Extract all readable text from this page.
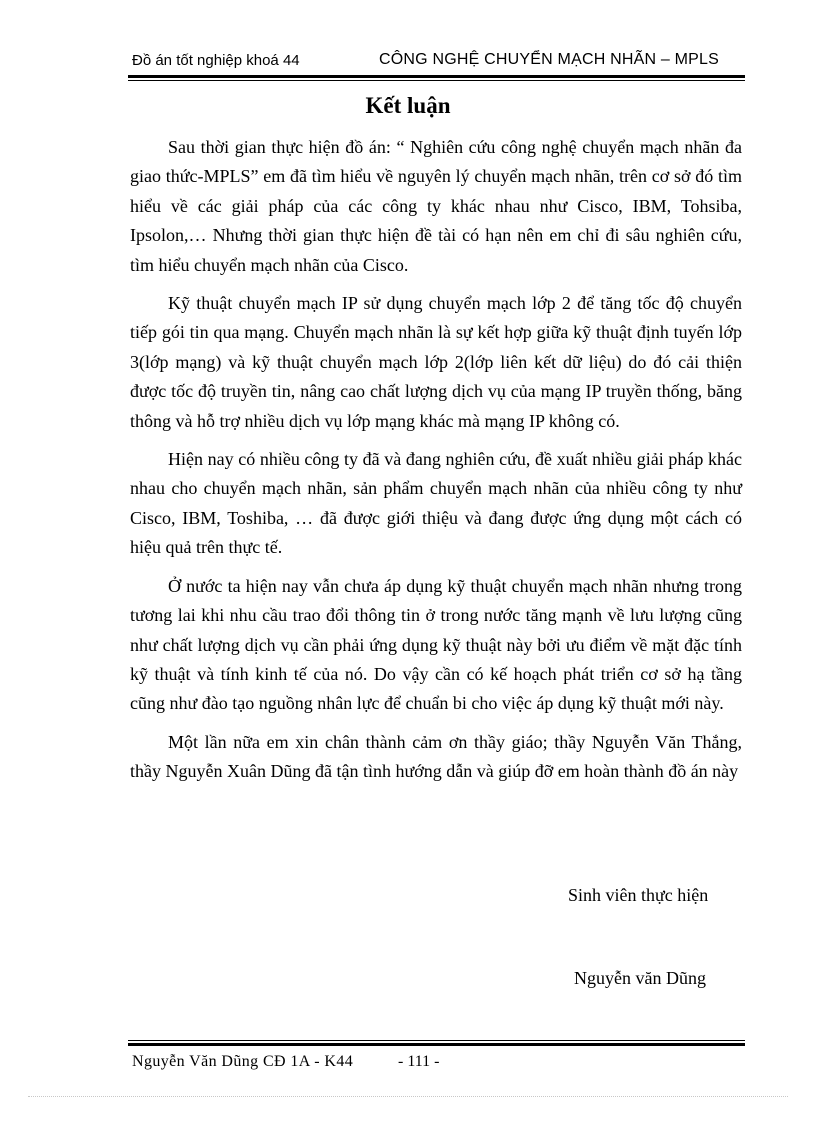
Đồ án tốt nghiệp khoá 44	CÔNG NGHỆ CHUYỂN MẠCH NHÃN – MPLS
Kết luận

Sau thời gian thực hiện đồ án: “ Nghiên cứu công nghệ chuyển mạch nhãn đa giao thức-MPLS” em đã tìm hiểu về nguyên lý chuyển mạch nhãn, trên cơ sở đó tìm hiểu về các giải pháp của các công ty khác nhau như Cisco, IBM, Tohsiba, Ipsolon,… Nhưng thời gian thực hiện đề tài có hạn nên em chỉ đi sâu nghiên cứu, tìm hiểu chuyển mạch nhãn của Cisco.

Kỹ thuật chuyển mạch IP sử dụng chuyển mạch lớp 2 để tăng tốc độ chuyển tiếp gói tin qua mạng. Chuyển mạch nhãn là sự kết hợp giữa kỹ thuật định tuyến lớp 3(lớp mạng) và kỹ thuật chuyển mạch lớp 2(lớp liên kết dữ liệu) do đó cải thiện được tốc độ truyền tin, nâng cao chất lượng dịch vụ của mạng IP truyền thống, băng thông và hỗ trợ nhiều dịch vụ lớp mạng khác mà mạng IP không có.

Hiện nay có nhiều công ty đã và đang nghiên cứu, đề xuất nhiều giải pháp khác nhau cho chuyển mạch nhãn, sản phẩm chuyển mạch nhãn của nhiều công ty như Cisco, IBM, Toshiba, … đã được giới thiệu và đang được ứng dụng một cách có hiệu quả trên thực tế.

Ở nước ta hiện nay vẫn chưa áp dụng kỹ thuật chuyển mạch nhãn nhưng trong tương lai khi nhu cầu trao đổi thông tin ở trong nước tăng mạnh về lưu lượng cũng như chất lượng dịch vụ cần phải ứng dụng kỹ thuật này bởi ưu điểm về mặt đặc tính kỹ thuật và tính kinh tế của nó. Do vậy cần có kế hoạch phát triển cơ sở hạ tầng cũng như đào tạo nguồng nhân lực để chuẩn bi cho việc áp dụng kỹ thuật mới này.

Một lần nữa em xin chân thành cảm ơn thầy giáo; thầy Nguyễn Văn Thắng, thầy Nguyễn Xuân Dũng đã tận tình hướng dẫn và giúp đỡ em hoàn thành đồ án này

Sinh viên thực hiện
Nguyễn văn Dũng
Nguyễn Văn Dũng CĐ 1A - K44	- 111 -
